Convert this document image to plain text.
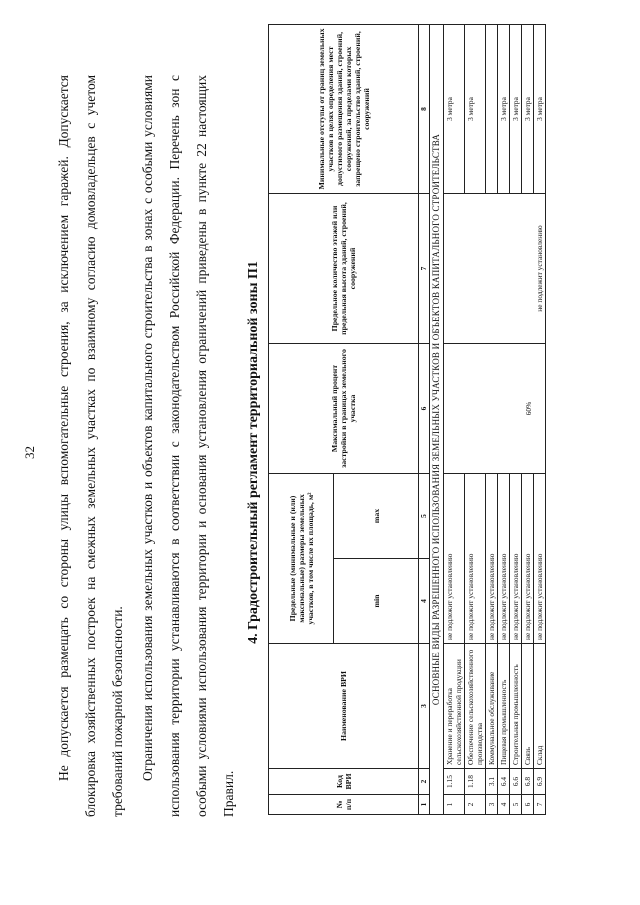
32	Не допускается размещать со стороны улицы вспомогательные строения, за исключением гаражей. Допускается блокировка хозяйственных построек на смежных земельных участках по взаимному согласию домовладельцев с учетом требований пожарной безопасности.	Ограничения использования земельных участков и объектов капитального строительства в зонах с особыми условиями использования территории устанавливаются в соответствии с законодательством Российской Федерации. Перечень зон с особыми условиями использования территории и основания установления ограничений приведены в пункте 22 настоящих Правил.
4. Градостроительный регламент территориальной зоны П1
№ п/п	Код ВРИ	Наименование ВРИ	Предельные (минимальные и (или) максимальные) размеры земельных участков, в том числе их площадь, м²		Максимальный процент застройки в границах земельного участка	Предельное количество этажей или предельная высота зданий, строений, сооружений	Минимальные отступы от границ земельных участков в целях определения мест допустимого размещения зданий, строений, сооружений, за пределами которых запрещено строительство зданий, строений, сооружений
			min	max			
1	2	3	4	5	6	7	8
ОСНОВНЫЕ ВИДЫ РАЗРЕШЕННОГО ИСПОЛЬЗОВАНИЯ ЗЕМЕЛЬНЫХ УЧАСТКОВ И ОБЪЕКТОВ КАПИТАЛЬНОГО СТРОИТЕЛЬСТВА							
1	1.15	Хранение и переработка сельскохозяйственной продукции	не подлежит установлению		60%	не подлежит установлению	3 метра
2	1.18	Обеспечение сельскохозяйственного производства	не подлежит установлению				3 метра
3	3.1	Коммунальное обслуживание	не подлежит установлению				
4	6.4	Пищевая промышленность	не подлежит установлению				3 метра
5	6.6	Строительная промышленность	не подлежит установлению				3 метра
6	6.8	Связь	не подлежит установлению				3 метра
7	6.9	Склад	не подлежит установлению				3 метра
